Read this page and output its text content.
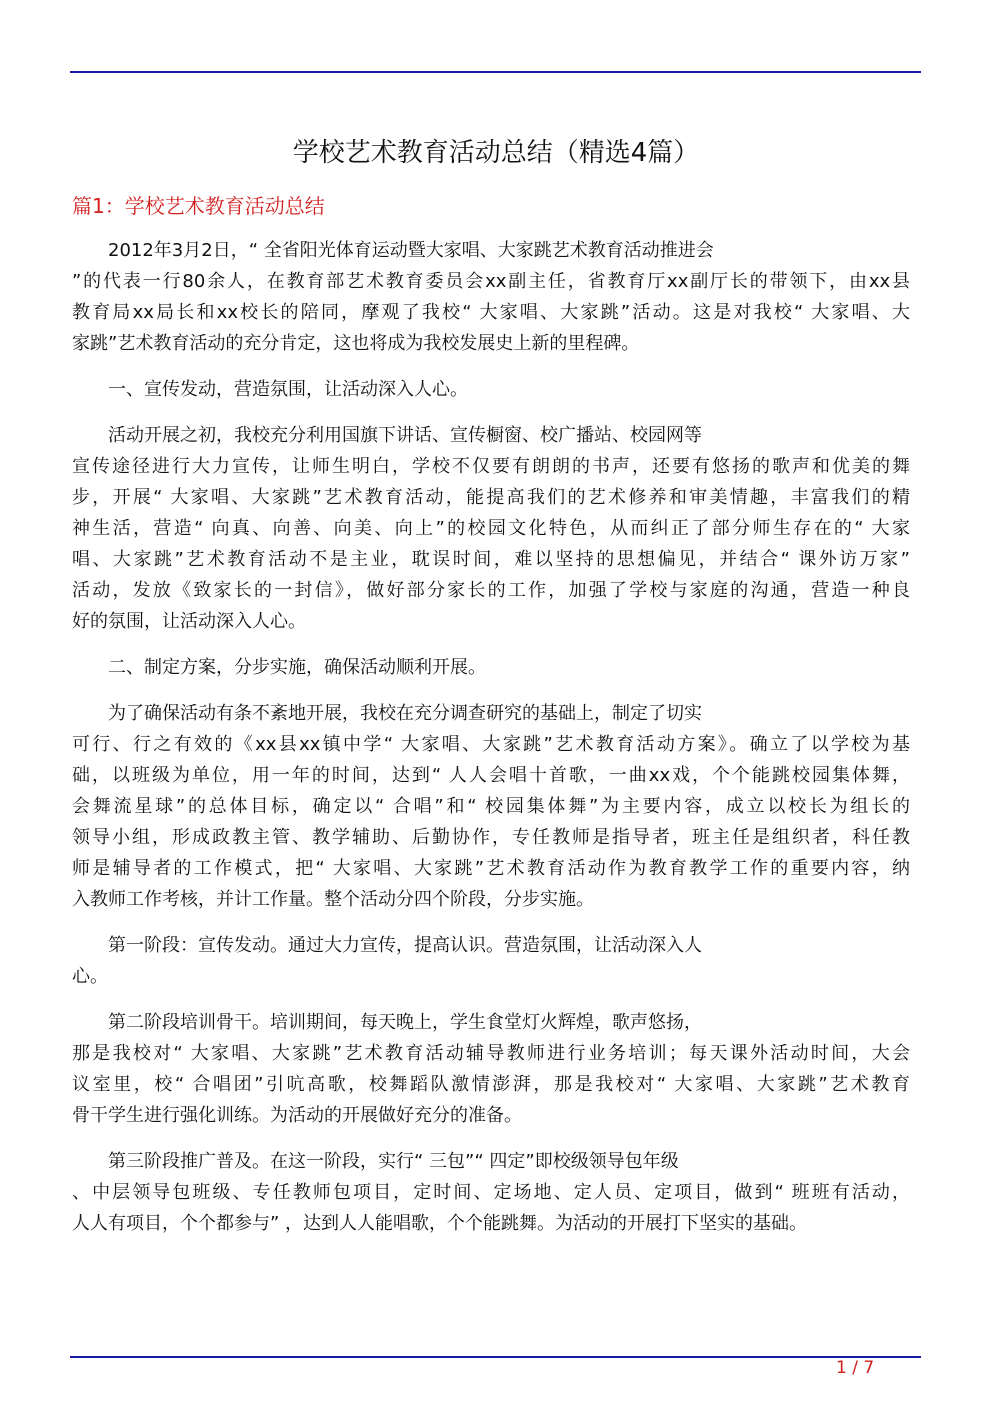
学校艺术教育活动总结（精选4篇）
篇1：学校艺术教育活动总结
2012年3月2日，“ 全省阳光体育运动暨大家唱、大家跳艺术教育活动推进会
”的代表一行80余人，在教育部艺术教育委员会xx副主任，省教育厅xx副厅长的带领下，由xx县
教育局xx局长和xx校长的陪同，摩观了我校“ 大家唱、大家跳”活动。这是对我校“ 大家唱、大
家跳”艺术教育活动的充分肯定，这也将成为我校发展史上新的里程碑。
一、宣传发动，营造氛围，让活动深入人心。
活动开展之初，我校充分利用国旗下讲话、宣传橱窗、校广播站、校园网等
宣传途径进行大力宣传，让师生明白，学校不仅要有朗朗的书声，还要有悠扬的歌声和优美的舞
步，开展“ 大家唱、大家跳”艺术教育活动，能提高我们的艺术修养和审美情趣，丰富我们的精
神生活，营造“ 向真、向善、向美、向上”的校园文化特色，从而纠正了部分师生存在的“ 大家
唱、大家跳”艺术教育活动不是主业，耽误时间，难以坚持的思想偏见，并结合“ 课外访万家”
活动，发放《致家长的一封信》，做好部分家长的工作，加强了学校与家庭的沟通，营造一种良
好的氛围，让活动深入人心。
二、制定方案，分步实施，确保活动顺利开展。
为了确保活动有条不紊地开展，我校在充分调查研究的基础上，制定了切实
可行、行之有效的《xx县xx镇中学“ 大家唱、大家跳”艺术教育活动方案》。确立了以学校为基
础，以班级为单位，用一年的时间，达到“ 人人会唱十首歌，一曲xx戏，个个能跳校园集体舞，
会舞流星球”的总体目标，确定以“ 合唱”和“ 校园集体舞”为主要内容，成立以校长为组长的
领导小组，形成政教主管、教学辅助、后勤协作，专任教师是指导者，班主任是组织者，科任教
师是辅导者的工作模式，把“ 大家唱、大家跳”艺术教育活动作为教育教学工作的重要内容，纳
入教师工作考核，并计工作量。整个活动分四个阶段，分步实施。
第一阶段：宣传发动。通过大力宣传，提高认识。营造氛围，让活动深入人
心。
第二阶段培训骨干。培训期间，每天晚上，学生食堂灯火辉煌，歌声悠扬，
那是我校对“ 大家唱、大家跳”艺术教育活动辅导教师进行业务培训；每天课外活动时间，大会
议室里，校“ 合唱团”引吭高歌，校舞蹈队激情澎湃，那是我校对“ 大家唱、大家跳”艺术教育
骨干学生进行强化训练。为活动的开展做好充分的准备。
第三阶段推广普及。在这一阶段，实行“ 三包”“ 四定”即校级领导包年级
、中层领导包班级、专任教师包项目，定时间、定场地、定人员、定项目，做到“ 班班有活动，
人人有项目，个个都参与” ，达到人人能唱歌，个个能跳舞。为活动的开展打下坚实的基础。
1 / 7
